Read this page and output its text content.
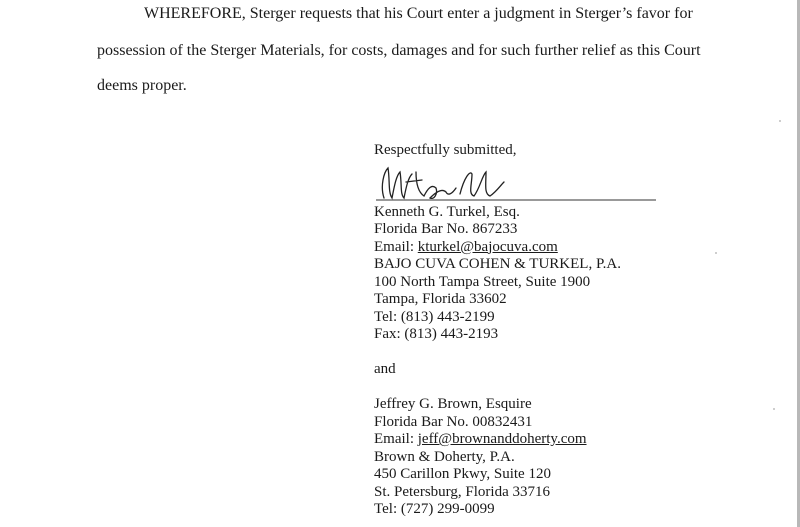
WHEREFORE, Sterger requests that his Court enter a judgment in Sterger’s favor for
possession of the Sterger Materials, for costs, damages and for such further relief as this Court
deems proper.
Respectfully submitted,
Kenneth G. Turkel, Esq.
Florida Bar No. 867233
Email: kturkel@bajocuva.com
BAJO CUVA COHEN & TURKEL, P.A.
100 North Tampa Street, Suite 1900
Tampa, Florida 33602
Tel: (813) 443-2199
Fax: (813) 443-2193
and
Jeffrey G. Brown, Esquire
Florida Bar No. 00832431
Email: jeff@brownanddoherty.com
Brown & Doherty, P.A.
450 Carillon Pkwy, Suite 120
St. Petersburg, Florida 33716
Tel: (727) 299-0099
